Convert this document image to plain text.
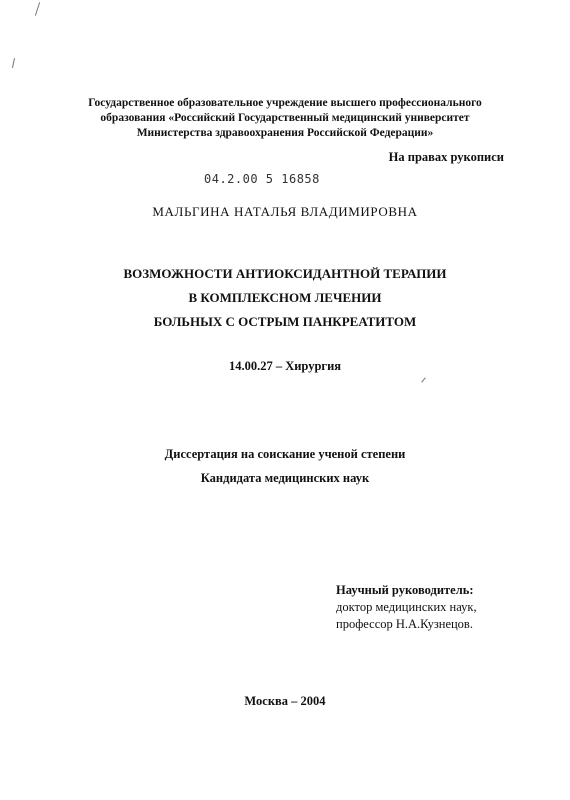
Государственное образовательное учреждение высшего профессионального
образования «Российский Государственный медицинский университет
Министерства здравоохранения Российской Федерации»
На правах рукописи
04.2.00 5 16858
МАЛЬГИНА НАТАЛЬЯ ВЛАДИМИРОВНА
ВОЗМОЖНОСТИ АНТИОКСИДАНТНОЙ ТЕРАПИИ
В КОМПЛЕКСНОМ ЛЕЧЕНИИ
БОЛЬНЫХ С ОСТРЫМ ПАНКРЕАТИТОМ
14.00.27 – Хирургия
Диссертация на соискание ученой степени
Кандидата медицинских наук
Научный руководитель:
доктор медицинских наук,
профессор Н.А.Кузнецов.
Москва – 2004
